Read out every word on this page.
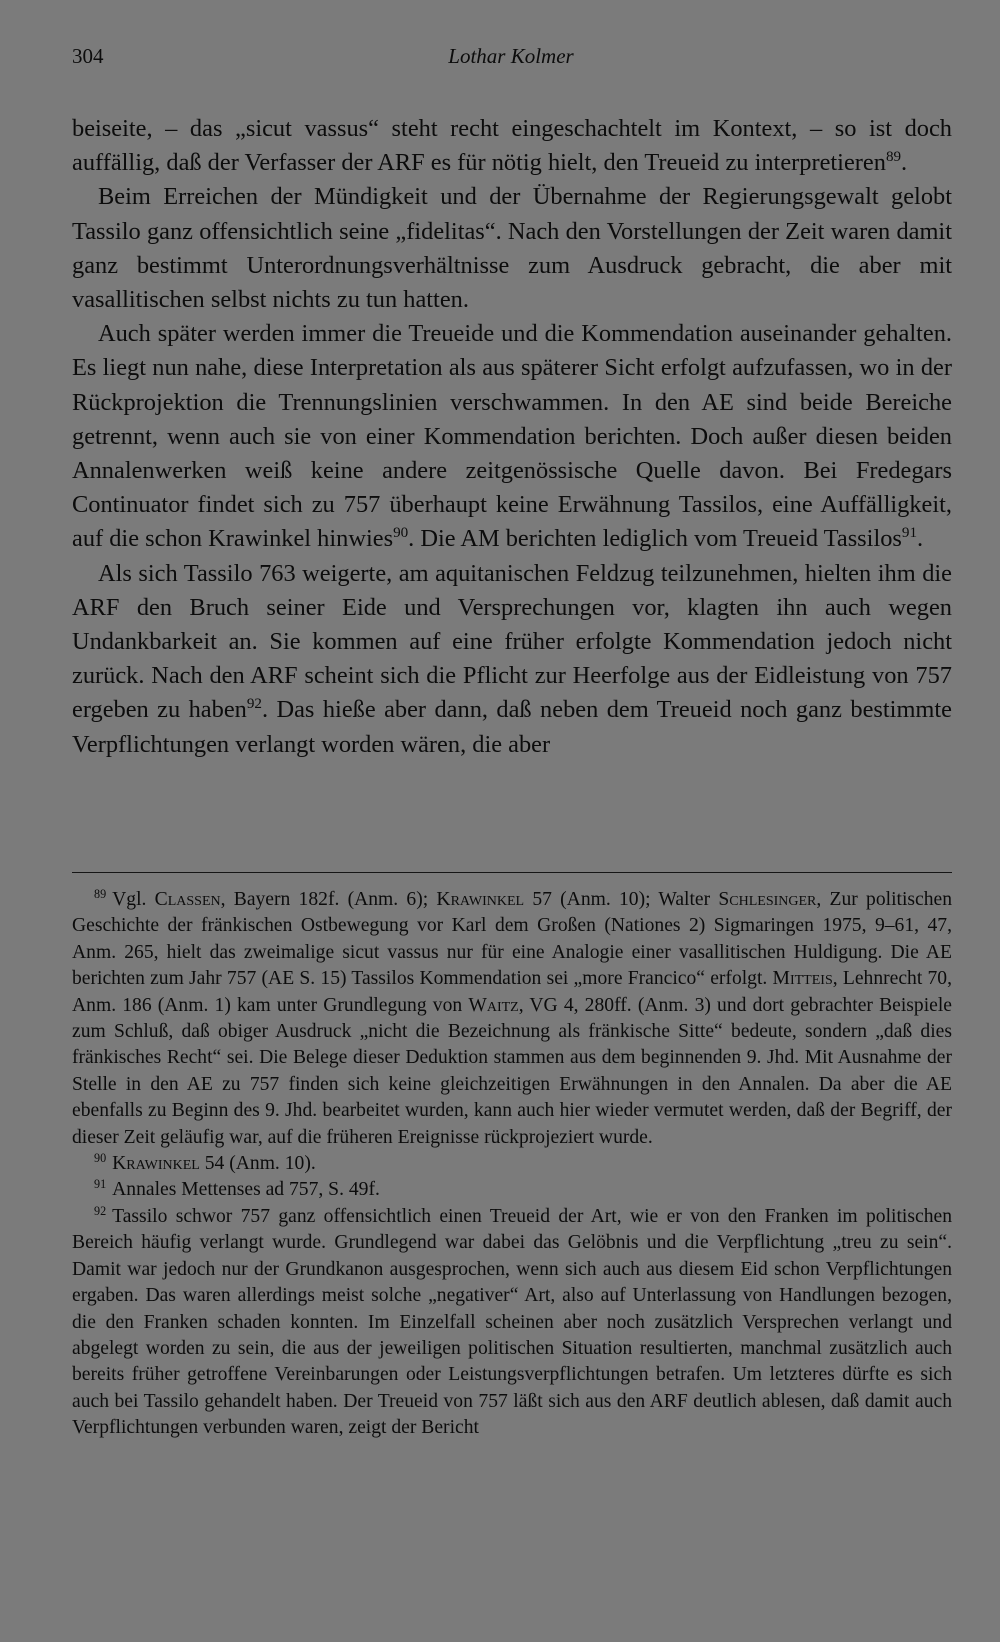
304	Lothar Kolmer

beiseite, – das „sicut vassus“ steht recht eingeschachtelt im Kontext, – so ist doch auffällig, daß der Verfasser der ARF es für nötig hielt, den Treueid zu interpretieren$^{89}$.

Beim Erreichen der Mündigkeit und der Übernahme der Regierungsgewalt gelobt Tassilo ganz offensichtlich seine „fidelitas“. Nach den Vorstellungen der Zeit waren damit ganz bestimmt Unterordnungsverhältnisse zum Ausdruck gebracht, die aber mit vasallitischen selbst nichts zu tun hatten.

Auch später werden immer die Treueide und die Kommendation auseinander gehalten. Es liegt nun nahe, diese Interpretation als aus späterer Sicht erfolgt aufzufassen, wo in der Rückprojektion die Trennungslinien verschwammen. In den AE sind beide Bereiche getrennt, wenn auch sie von einer Kommendation berichten. Doch außer diesen beiden Annalenwerken weiß keine andere zeitgenössische Quelle davon. Bei Fredegars Continuator findet sich zu 757 überhaupt keine Erwähnung Tassilos, eine Auffälligkeit, auf die schon Krawinkel hinwies$^{90}$. Die AM berichten lediglich vom Treueid Tassilos$^{91}$.

Als sich Tassilo 763 weigerte, am aquitanischen Feldzug teilzunehmen, hielten ihm die ARF den Bruch seiner Eide und Versprechungen vor, klagten ihn auch wegen Undankbarkeit an. Sie kommen auf eine früher erfolgte Kommendation jedoch nicht zurück. Nach den ARF scheint sich die Pflicht zur Heerfolge aus der Eidleistung von 757 ergeben zu haben$^{92}$. Das hieße aber dann, daß neben dem Treueid noch ganz bestimmte Verpflichtungen verlangt worden wären, die aber

$^{89}$ Vgl. Classen, Bayern 182f. (Anm. 6); Krawinkel 57 (Anm. 10); Walter Schlesinger, Zur politischen Geschichte der fränkischen Ostbewegung vor Karl dem Großen (Nationes 2) Sigmaringen 1975, 9–61, 47, Anm. 265, hielt das zweimalige sicut vassus nur für eine Analogie einer vasallitischen Huldigung. Die AE berichten zum Jahr 757 (AE S. 15) Tassilos Kommendation sei „more Francico“ erfolgt. Mitteis, Lehnrecht 70, Anm. 186 (Anm. 1) kam unter Grundlegung von Waitz, VG 4, 280ff. (Anm. 3) und dort gebrachter Beispiele zum Schluß, daß obiger Ausdruck „nicht die Bezeichnung als fränkische Sitte“ bedeute, sondern „daß dies fränkisches Recht“ sei. Die Belege dieser Deduktion stammen aus dem beginnenden 9. Jhd. Mit Ausnahme der Stelle in den AE zu 757 finden sich keine gleichzeitigen Erwähnungen in den Annalen. Da aber die AE ebenfalls zu Beginn des 9. Jhd. bearbeitet wurden, kann auch hier wieder vermutet werden, daß der Begriff, der dieser Zeit geläufig war, auf die früheren Ereignisse rückprojeziert wurde.

$^{90}$ Krawinkel 54 (Anm. 10).

$^{91}$ Annales Mettenses ad 757, S. 49f.

$^{92}$ Tassilo schwor 757 ganz offensichtlich einen Treueid der Art, wie er von den Franken im politischen Bereich häufig verlangt wurde. Grundlegend war dabei das Gelöbnis und die Verpflichtung „treu zu sein“. Damit war jedoch nur der Grundkanon ausgesprochen, wenn sich auch aus diesem Eid schon Verpflichtungen ergaben. Das waren allerdings meist solche „negativer“ Art, also auf Unterlassung von Handlungen bezogen, die den Franken schaden konnten. Im Einzelfall scheinen aber noch zusätzlich Versprechen verlangt und abgelegt worden zu sein, die aus der jeweiligen politischen Situation resultierten, manchmal zusätzlich auch bereits früher getroffene Vereinbarungen oder Leistungsverpflichtungen betrafen. Um letzteres dürfte es sich auch bei Tassilo gehandelt haben. Der Treueid von 757 läßt sich aus den ARF deutlich ablesen, daß damit auch Verpflichtungen verbunden waren, zeigt der Bericht
